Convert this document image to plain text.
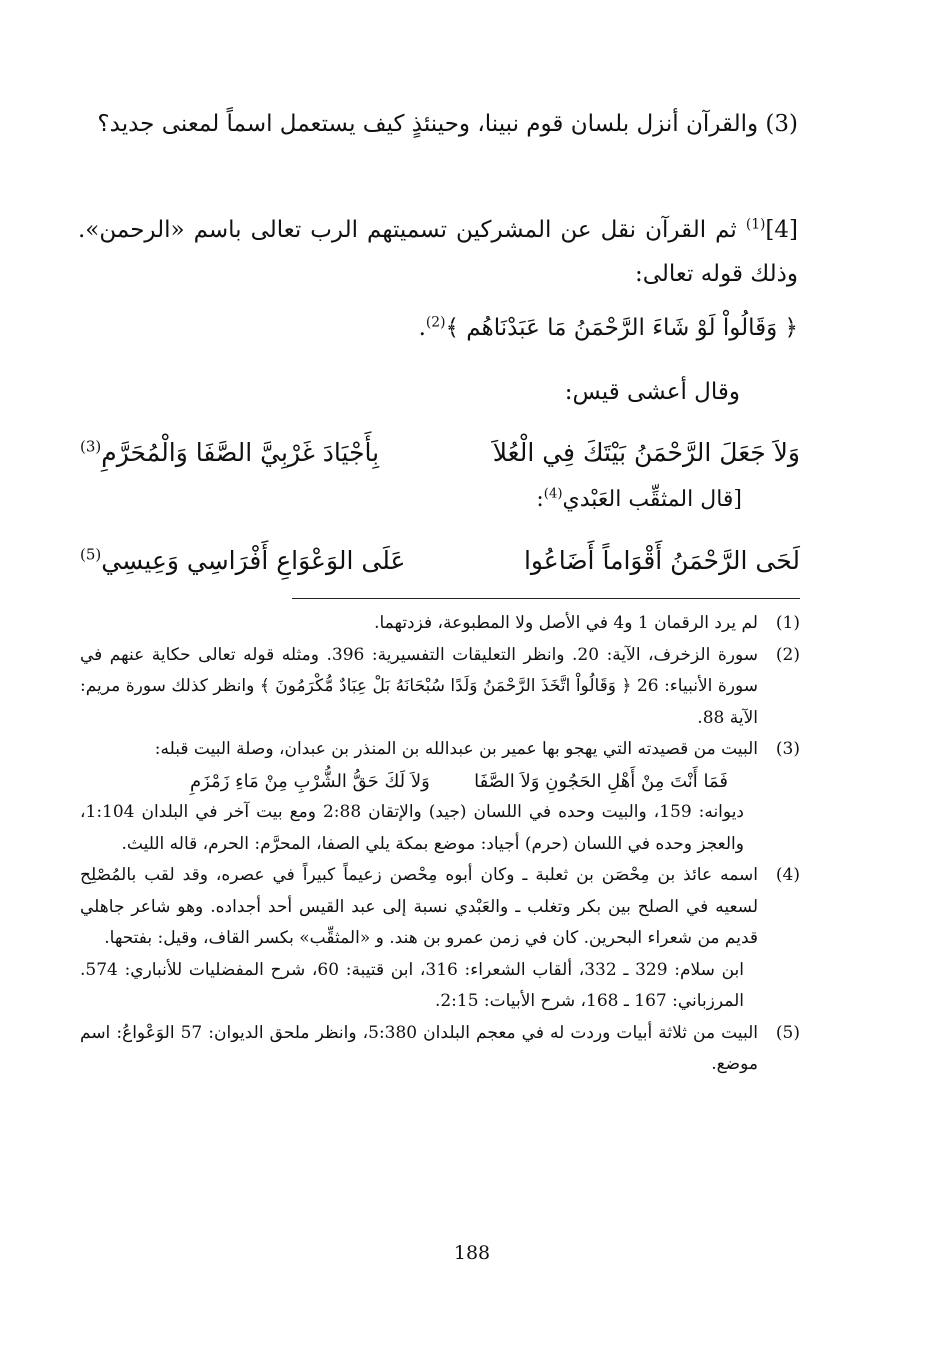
(3) والقرآن أنزل بلسان قوم نبينا، وحينئذٍ كيف يستعمل اسماً لمعنى جديد؟
$[4]^{(1)}$ ثم القرآن نقل عن المشركين تسميتهم الرب تعالى باسم «الرحمن». وذلك قوله تعالى:
﴿ وَقَالُواْ لَوْ شَاءَ الرَّحْمَنُ مَا عَبَدْنَاهُم ﴾$^{(2)}$.
وقال أعشى قيس:
وَلاَ جَعَلَ الرَّحْمَنُ بَيْتَكَ فِي الْعُلاَ
بِأَجْيَادَ غَرْبِيَّ الصَّفَا وَالْمُحَرَّمِ$^{(3)}$
[قال المثقِّب العَبْدي$^{(4)}$:
لَحَى الرَّحْمَنُ أَقْوَاماً أَضَاعُوا
عَلَى الوَعْوَاعِ أَفْرَاسِي وَعِيسِي$^{(5)}$
(1)
لم يرد الرقمان 1 و4 في الأصل ولا المطبوعة، فزدتهما.
(2)
سورة الزخرف، الآية: 20. وانظر التعليقات التفسيرية: 396. ومثله قوله تعالى حكاية عنهم في سورة الأنبياء: 26 ﴿ وَقَالُواْ اتَّخَذَ الرَّحْمَنُ وَلَدًا سُبْحَانَهُ بَلْ عِبَادٌ مُّكْرَمُونَ ﴾ وانظر كذلك سورة مريم: الآية 88.
(3)
البيت من قصيدته التي يهجو بها عمير بن عبدالله بن المنذر بن عبدان، وصلة البيت قبله:
فَمَا أَنْتَ مِنْ أَهْلِ الحَجُونِ وَلاَ الصَّفَا
وَلاَ لَكَ حَقُّ الشُّرْبِ مِنْ مَاءِ زَمْزَمِ
ديوانه: 159، والبيت وحده في اللسان (جيد) والإتقان 2:88 ومع بيت آخر في البلدان 1:104، والعجز وحده في اللسان (حرم) أجياد: موضع بمكة يلي الصفا، المحرَّم: الحرم، قاله الليث.
(4)
اسمه عائذ بن مِحْصَن بن ثعلبة ـ وكان أبوه مِحْصن زعيماً كبيراً في عصره، وقد لقب بالمُصْلِح لسعيه في الصلح بين بكر وتغلب ـ والعَبْدي نسبة إلى عبد القيس أحد أجداده. وهو شاعر جاهلي قديم من شعراء البحرين. كان في زمن عمرو بن هند. و «المثقِّب» بكسر القاف، وقيل: بفتحها.
ابن سلام: 329 ـ 332، ألقاب الشعراء: 316، ابن قتيبة: 60، شرح المفضليات للأنباري: 574. المرزباني: 167 ـ 168، شرح الأبيات: 2:15.
(5)
البيت من ثلاثة أبيات وردت له في معجم البلدان 5:380، وانظر ملحق الديوان: 57 الوَعْواعُ: اسم موضع.
188
